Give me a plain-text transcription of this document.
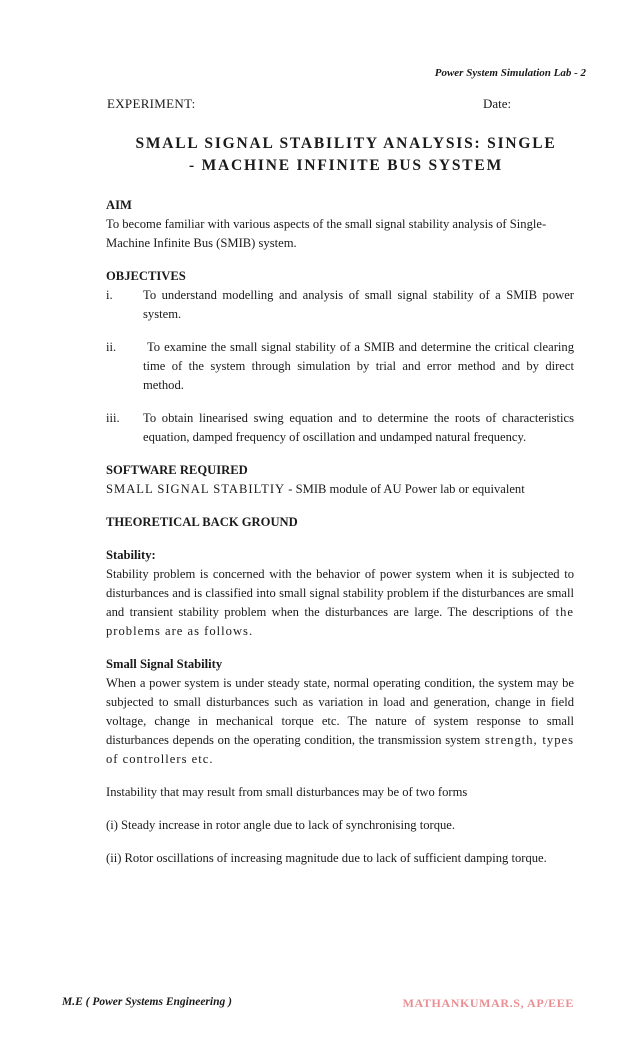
Power System Simulation Lab - 2
EXPERIMENT:	Date:
SMALL SIGNAL STABILITY ANALYSIS: SINGLE
- MACHINE INFINITE BUS SYSTEM

AIM

To become familiar with various aspects of the small signal stability analysis of Single-Machine Infinite Bus (SMIB) system.

OBJECTIVES

i.	To understand modelling and analysis of small signal stability of a SMIB power system.
ii.	To examine the small signal stability of a SMIB and determine the critical clearing time of the system through simulation by trial and error method and by direct method.
iii.	To obtain linearised swing equation and to determine the roots of characteristics equation, damped frequency of oscillation and undamped natural frequency.

SOFTWARE REQUIRED

SMALL SIGNAL STABILTIY - SMIB module of AU Power lab or equivalent

THEORETICAL BACK GROUND

Stability:

Stability problem is concerned with the behavior of power system when it is subjected to disturbances and is classified into small signal stability problem if the disturbances are small and transient stability problem when the disturbances are large. The descriptions of the problems are as follows.

Small Signal Stability

When a power system is under steady state, normal operating condition, the system may be subjected to small disturbances such as variation in load and generation, change in field voltage, change in mechanical torque etc. The nature of system response to small disturbances depends on the operating condition, the transmission system strength, types of controllers etc.

Instability that may result from small disturbances may be of two forms

(i) Steady increase in rotor angle due to lack of synchronising torque.

(ii) Rotor oscillations of increasing magnitude due to lack of sufficient damping torque.

M.E ( Power Systems Engineering )	MATHANKUMAR.S, AP/EEE
